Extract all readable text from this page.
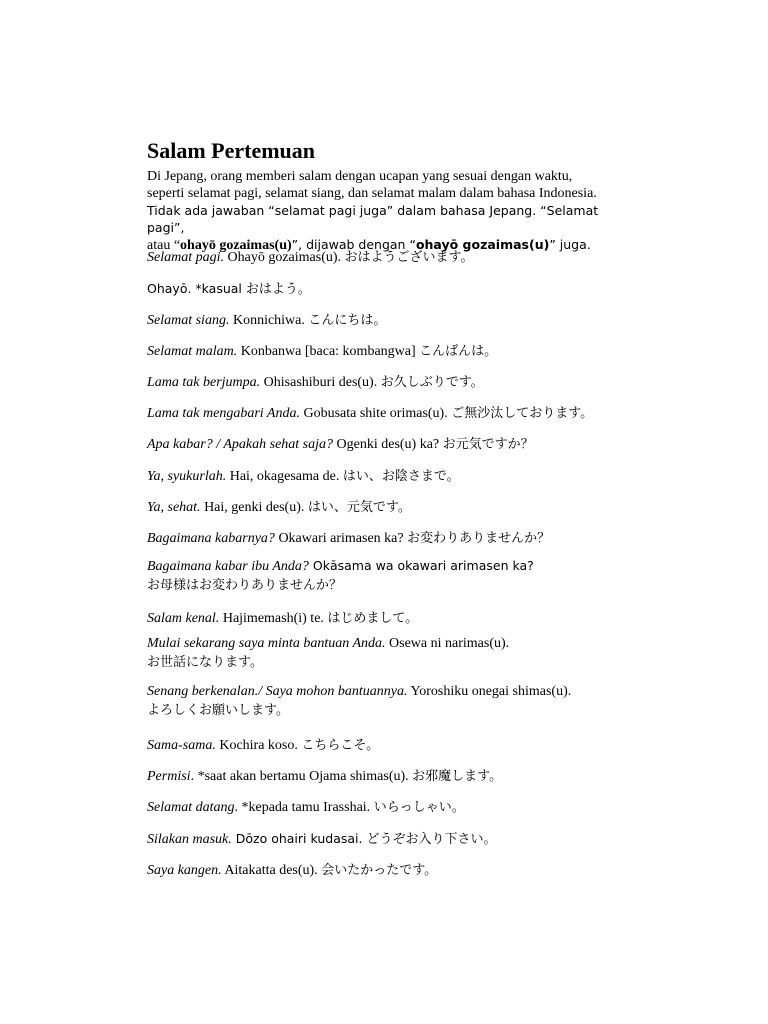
Salam Pertemuan
Di Jepang, orang memberi salam dengan ucapan yang sesuai dengan waktu,
seperti selamat pagi, selamat siang, dan selamat malam dalam bahasa Indonesia.
Tidak ada jawaban “selamat pagi juga” dalam bahasa Jepang. “Selamat pagi”,
atau “ohayō gozaimas(u)”, dijawab dengan “ohayō gozaimas(u)” juga.
Selamat pagi. Ohayō gozaimas(u). おはようございます。
Ohayō. *kasual おはよう。
Selamat siang. Konnichiwa. こんにちは。
Selamat malam. Konbanwa [baca: kombangwa] こんばんは。
Lama tak berjumpa. Ohisashiburi des(u). お久しぶりです。
Lama tak mengabari Anda. Gobusata shite orimas(u). ご無沙汰しております。
Apa kabar? / Apakah sehat saja? Ogenki des(u) ka? お元気ですか？
Ya, syukurlah. Hai, okagesama de. はい、お陰さまで。
Ya, sehat. Hai, genki des(u). はい、元気です。
Bagaimana kabarnya? Okawari arimasen ka? お変わりありませんか？
Bagaimana kabar ibu Anda? Okāsama wa okawari arimasen ka?
お母様はお変わりありませんか？
Salam kenal. Hajimemash(i) te. はじめまして。
Mulai sekarang saya minta bantuan Anda. Osewa ni narimas(u).
お世話になります。
Senang berkenalan./ Saya mohon bantuannya. Yoroshiku onegai shimas(u).
よろしくお願いします。
Sama-sama. Kochira koso. こちらこそ。
Permisi. *saat akan bertamu Ojama shimas(u). お邪魔します。
Selamat datang. *kepada tamu Irasshai. いらっしゃい。
Silakan masuk. Dōzo ohairi kudasai. どうぞお入り下さい。
Saya kangen. Aitakatta des(u). 会いたかったです。
